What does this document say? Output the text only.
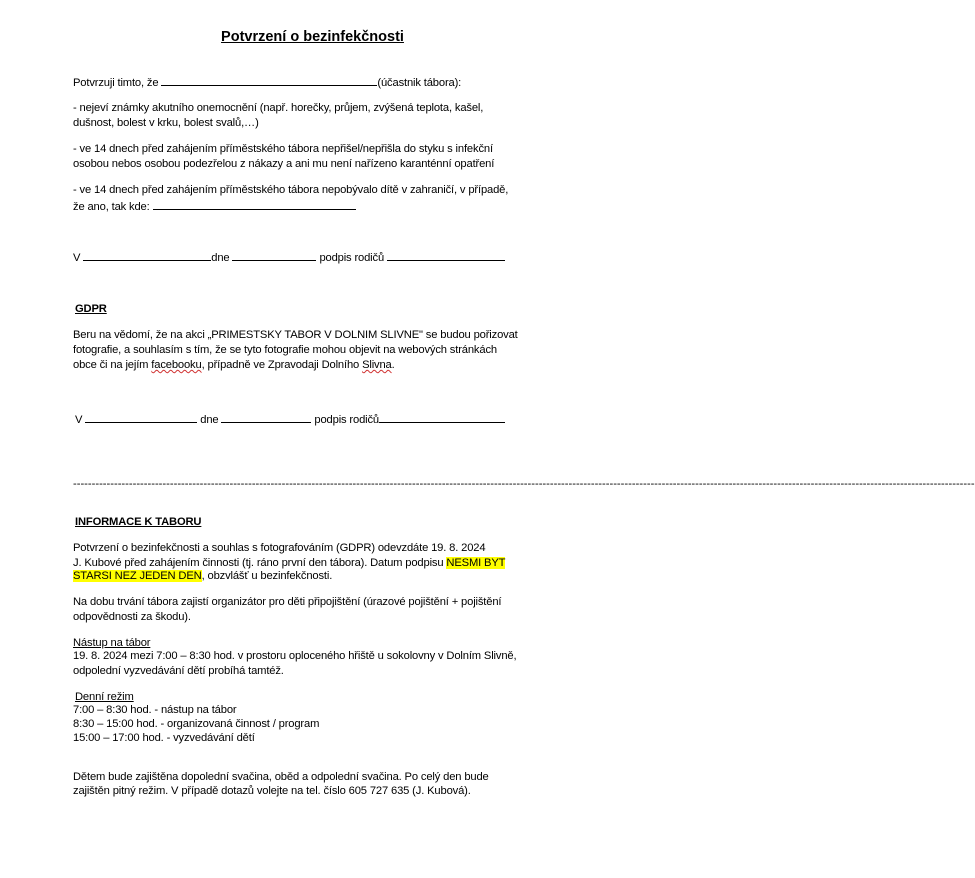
Potvrzení o bezinfekčnosti
Potvrzuji timto, že	(účastnik tábora):
- nejeví známky akutního onemocnění (např. horečky, průjem, zvýšená teplota, kašel,
dušnost, bolest v krku, bolest svalů,…)
- ve 14 dnech před zahájením příměstského tábora nepřišel/nepřišla do styku s infekční
osobou nebos osobou podezřelou z nákazy a ani mu není nařízeno karanténní opatření
- ve 14 dnech před zahájením příměstského tábora nepobývalo dítě v zahraničí, v případě,
že ano, tak kde:
V	dne	podpis rodičů
GDPR
Beru na vědomí, že na akci „PRIMESTSKY TABOR V DOLNIM SLIVNE" se budou pořizovat
fotografie, a souhlasím s tím, že se tyto fotografie mohou objevit na webových stránkách
obce či na jejím facebooku, případně ve Zpravodaji Dolního Slivna.
V	dne	podpis rodičů
--------------------------------------------------------------------------------------------------------------------------------------------------------------------------------------------------------------------------------------------------
INFORMACE K TABORU
Potvrzení o bezinfekčnosti a souhlas s fotografováním (GDPR) odevzdáte 19. 8. 2024
J. Kubové před zahájením činnosti (tj. ráno první den tábora). Datum podpisu NESMI BYT
STARSI NEZ JEDEN DEN, obzvlášť u bezinfekčnosti.
Na dobu trvání tábora zajistí organizátor pro děti připojištění (úrazové pojištění + pojištění
odpovědnosti za škodu).
Nástup na tábor
19. 8. 2024 mezi 7:00 – 8:30 hod. v prostoru oploceného hřiště u sokolovny v Dolním Slivně,
odpolední vyzvedávání dětí probíhá tamtéž.
Denní režim
7:00 – 8:30 hod. - nástup na tábor
8:30 – 15:00 hod. - organizovaná činnost / program
15:00 – 17:00 hod. - vyzvedávání dětí
Dětem bude zajištěna dopolední svačina, oběd a odpolední svačina. Po celý den bude
zajištěn pitný režim. V případě dotazů volejte na tel. číslo 605 727 635 (J. Kubová).
